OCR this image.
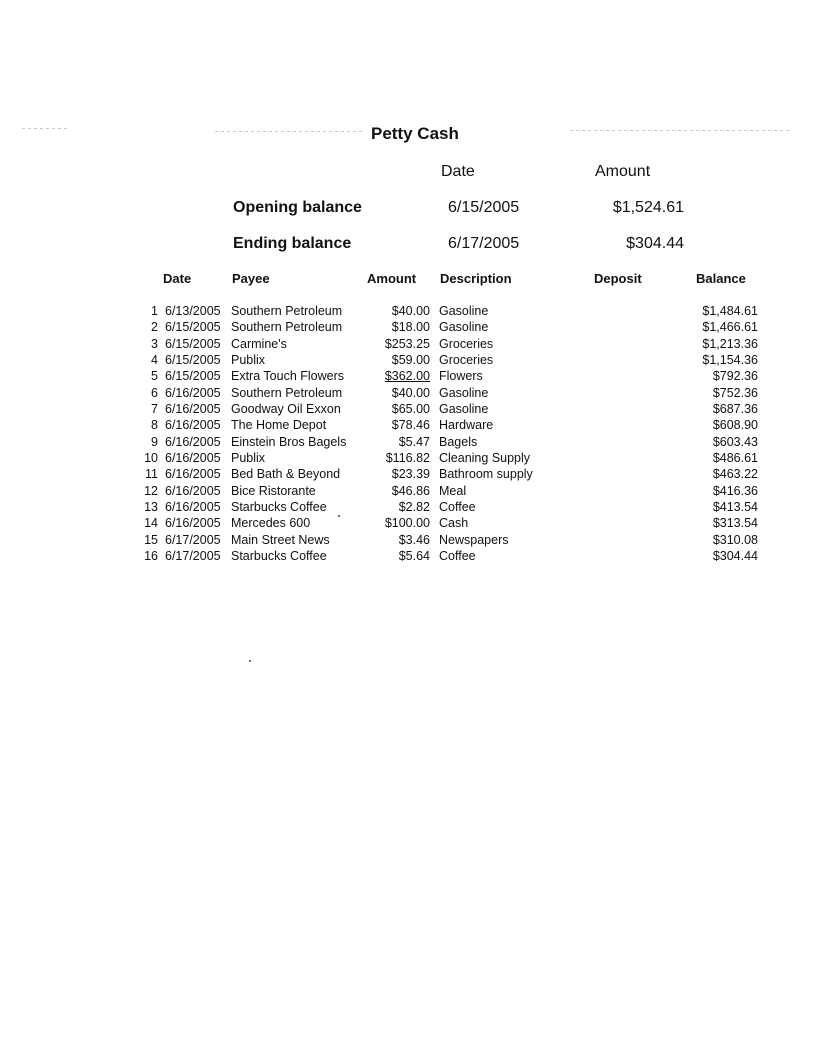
Petty Cash
Date	Amount
Opening balance	6/15/2005	$1,524.61
Ending balance	6/17/2005	$304.44
Date	Payee	Amount Description	Deposit	Balance
1 6/13/2005 Southern Petroleum	$40.00 Gasoline	$1,484.61
2 6/15/2005 Southern Petroleum	$18.00 Gasoline	$1,466.61
3 6/15/2005 Carmine's	$253.25 Groceries	$1,213.36
4 6/15/2005 Publix	$59.00 Groceries	$1,154.36
5 6/15/2005 Extra Touch Flowers	$362.00 Flowers	$792.36
6 6/16/2005 Southern Petroleum	$40.00 Gasoline	$752.36
7 6/16/2005 Goodway Oil Exxon	$65.00 Gasoline	$687.36
8 6/16/2005 The Home Depot	$78.46 Hardware	$608.90
9 6/16/2005 Einstein Bros Bagels	$5.47 Bagels	$603.43
10 6/16/2005 Publix	$116.82 Cleaning Supply	$486.61
11 6/16/2005 Bed Bath & Beyond	$23.39 Bathroom supply	$463.22
12 6/16/2005 Bice Ristorante	$46.86 Meal	$416.36
13 6/16/2005 Starbucks Coffee	$2.82 Coffee	$413.54
14 6/16/2005 Mercedes 600	$100.00 Cash	$313.54
15 6/17/2005 Main Street News	$3.46 Newspapers	$310.08
16 6/17/2005 Starbucks Coffee	$5.64 Coffee	$304.44
